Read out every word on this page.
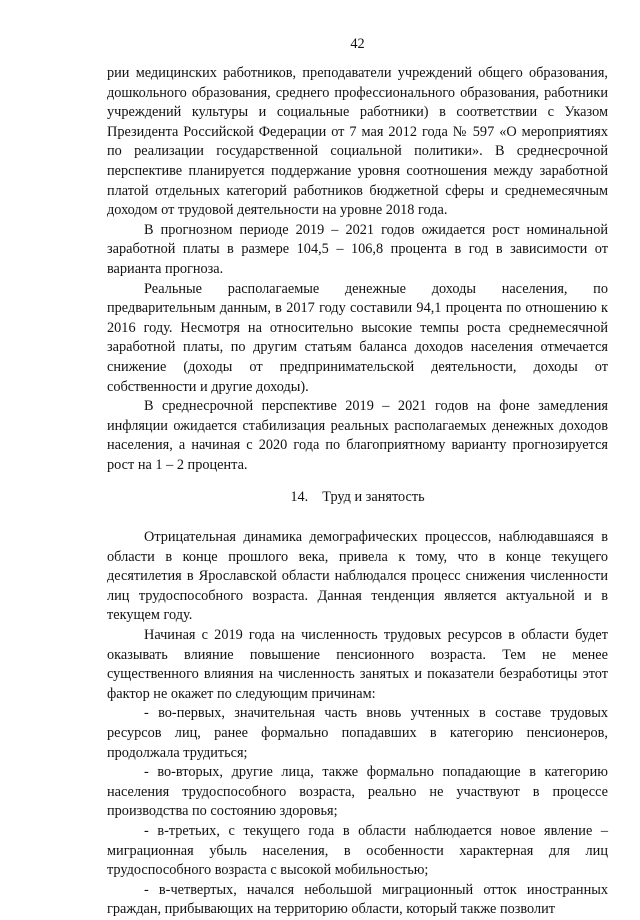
42

рии медицинских работников, преподаватели учреждений общего образования, дошкольного образования, среднего профессионального образования, работники учреждений культуры и социальные работники) в соответствии с Указом Президента Российской Федерации от 7 мая 2012 года № 597 «О мероприятиях по реализации государственной социальной политики». В среднесрочной перспективе планируется поддержание уровня соотношения между заработной платой отдельных категорий работников бюджетной сферы и среднемесячным доходом от трудовой деятельности на уровне 2018 года.

В прогнозном периоде 2019 – 2021 годов ожидается рост номинальной заработной платы в размере 104,5 – 106,8 процента в год в зависимости от варианта прогноза.

Реальные располагаемые денежные доходы населения, по предварительным данным, в 2017 году составили 94,1 процента по отношению к 2016 году. Несмотря на относительно высокие темпы роста среднемесячной заработной платы, по другим статьям баланса доходов населения отмечается снижение (доходы от предпринимательской деятельности, доходы от собственности и другие доходы).

В среднесрочной перспективе 2019 – 2021 годов на фоне замедления инфляции ожидается стабилизация реальных располагаемых денежных доходов населения, а начиная с 2020 года по благоприятному варианту прогнозируется рост на 1 – 2 процента.

14. Труд и занятость

Отрицательная динамика демографических процессов, наблюдавшаяся в области в конце прошлого века, привела к тому, что в конце текущего десятилетия в Ярославской области наблюдался процесс снижения численности лиц трудоспособного возраста. Данная тенденция является актуальной и в текущем году.

Начиная с 2019 года на численность трудовых ресурсов в области будет оказывать влияние повышение пенсионного возраста. Тем не менее существенного влияния на численность занятых и показатели безработицы этот фактор не окажет по следующим причинам:

- во-первых, значительная часть вновь учтенных в составе трудовых ресурсов лиц, ранее формально попадавших в категорию пенсионеров, продолжала трудиться;

- во-вторых, другие лица, также формально попадающие в категорию населения трудоспособного возраста, реально не участвуют в процессе производства по состоянию здоровья;

- в-третьих, с текущего года в области наблюдается новое явление – миграционная убыль населения, в особенности характерная для лиц трудоспособного возраста с высокой мобильностью;

- в-четвертых, начался небольшой миграционный отток иностранных граждан, прибывающих на территорию области, который также позволит
